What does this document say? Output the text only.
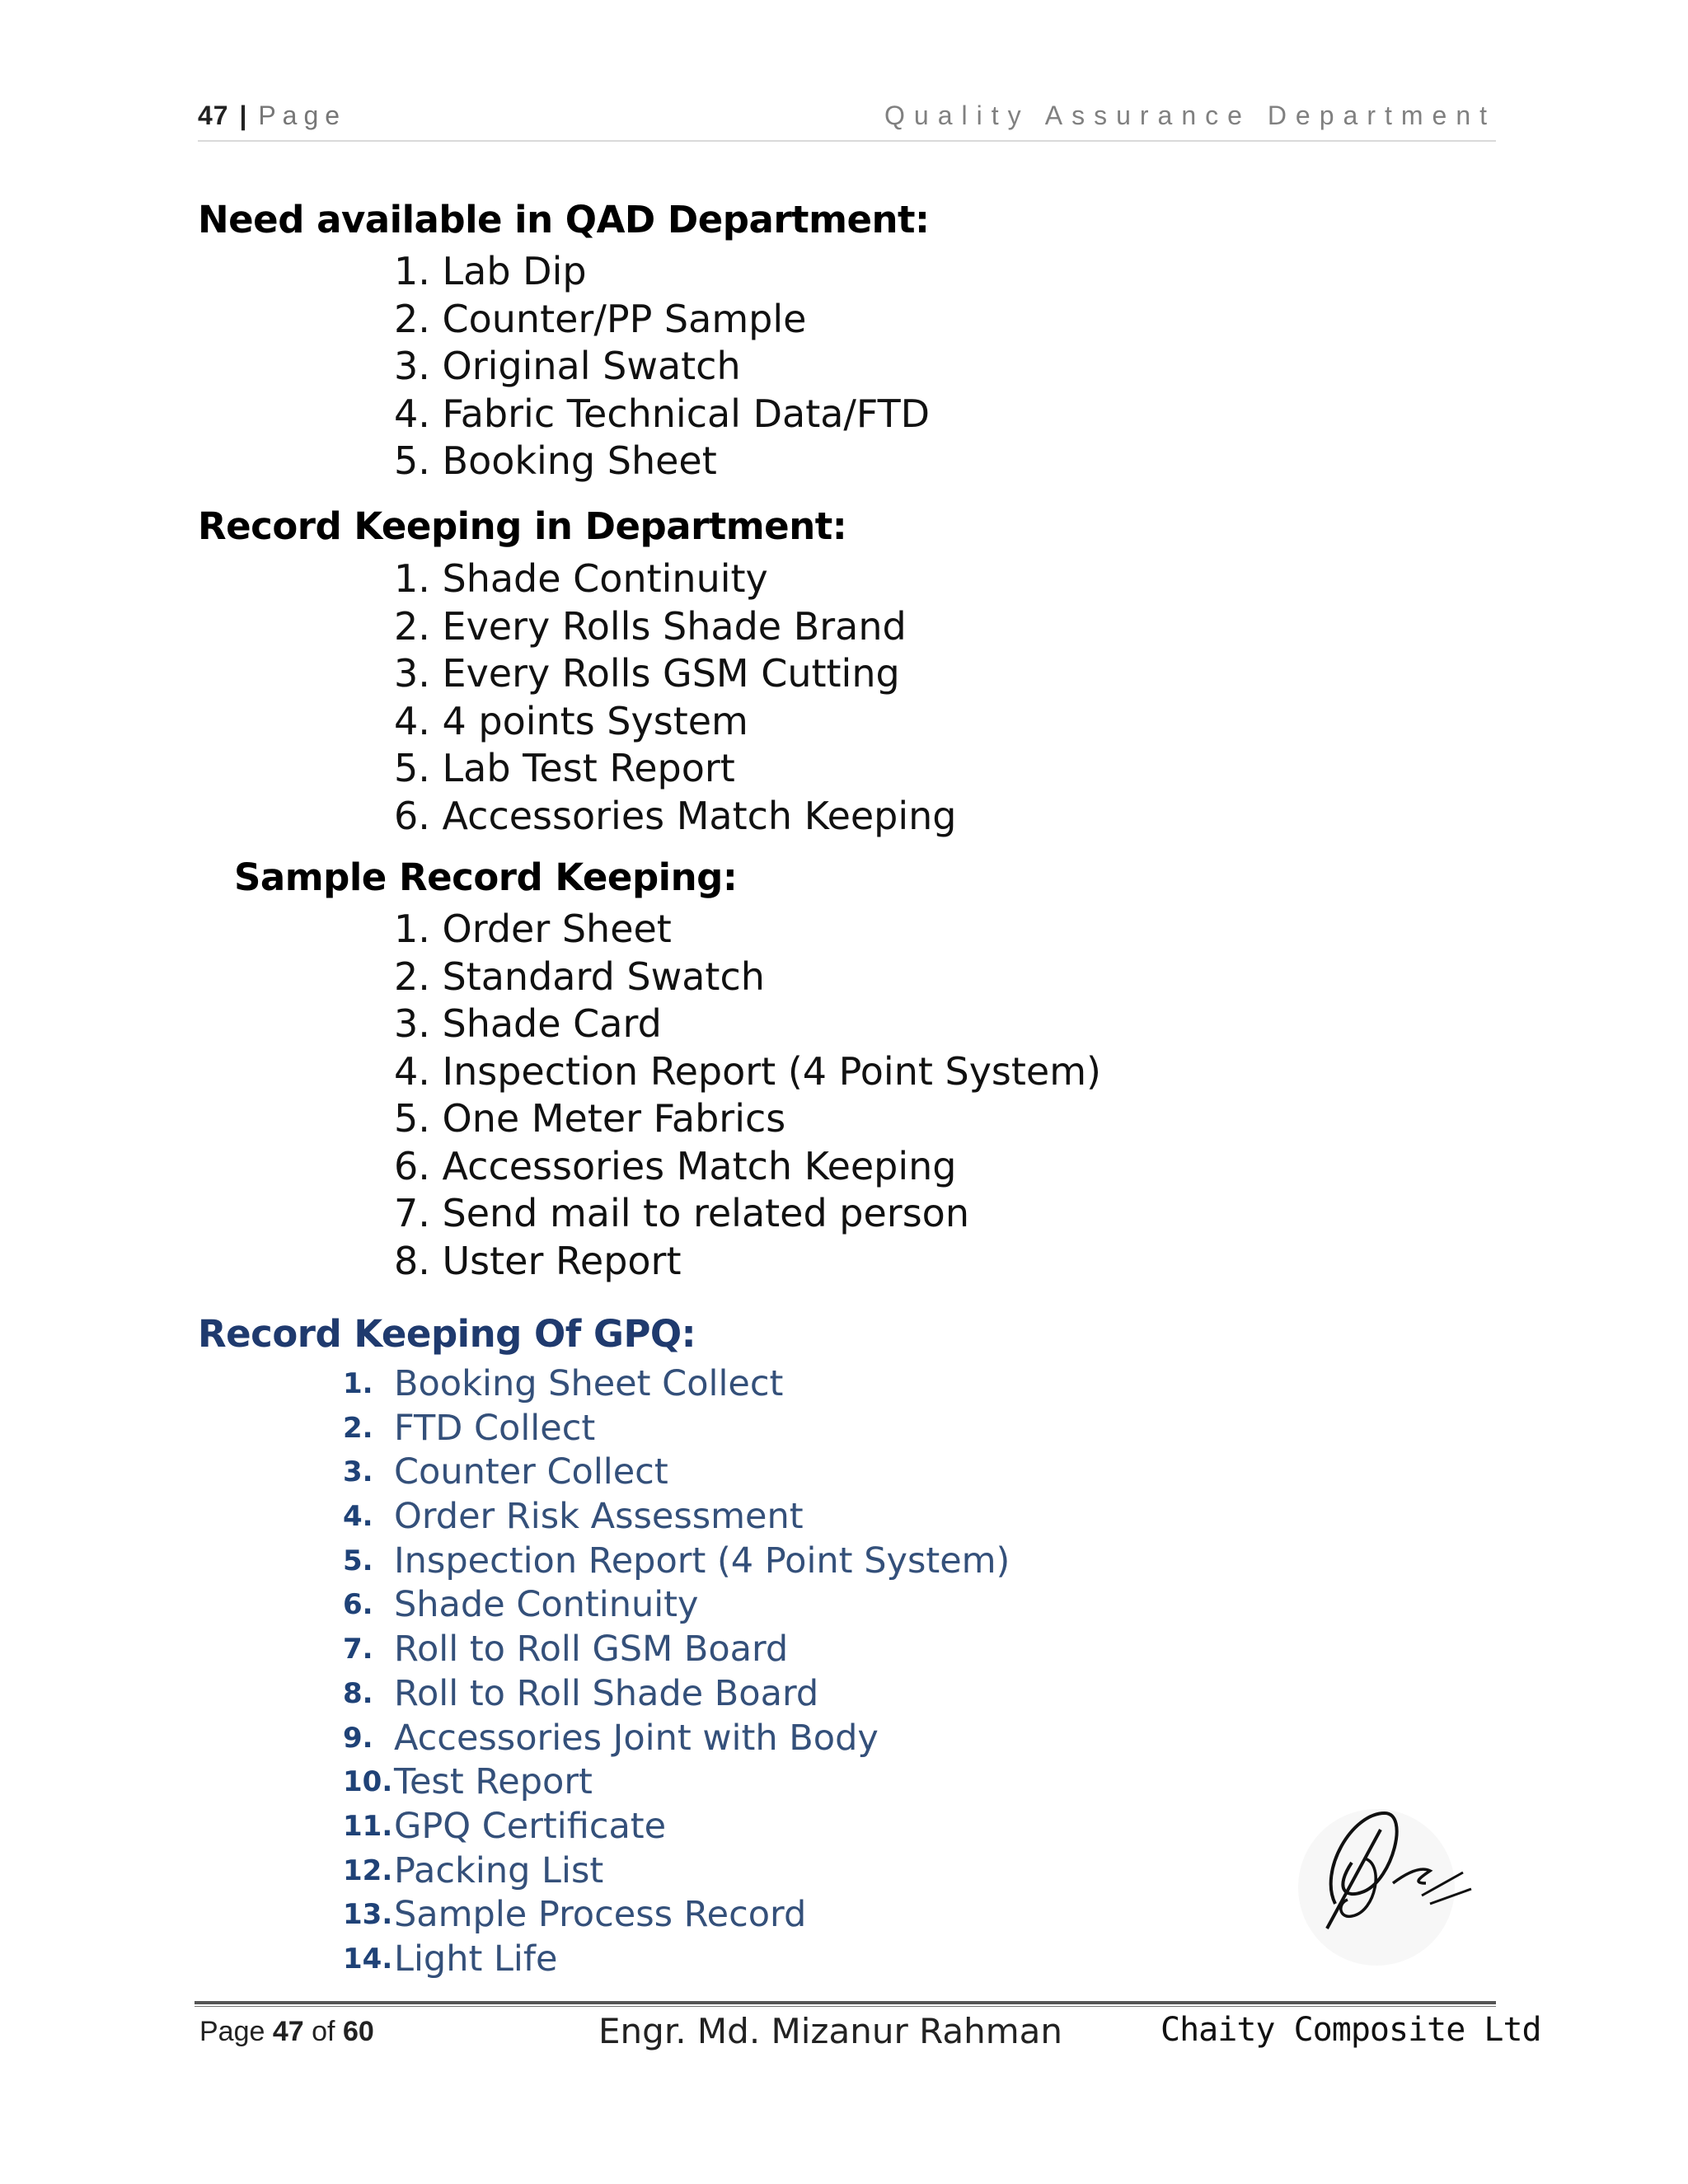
47 | Page	Quality Assurance Department
Need available in QAD Department:
1. Lab Dip
2. Counter/PP Sample
3. Original Swatch
4. Fabric Technical Data/FTD
5. Booking Sheet
Record Keeping in Department:
1. Shade Continuity
2. Every Rolls Shade Brand
3. Every Rolls GSM Cutting
4. 4 points System
5. Lab Test Report
6. Accessories Match Keeping
Sample Record Keeping:
1. Order Sheet
2. Standard Swatch
3. Shade Card
4. Inspection Report (4 Point System)
5. One Meter Fabrics
6. Accessories Match Keeping
7. Send mail to related person
8. Uster Report
Record Keeping Of GPQ:
1. Booking Sheet Collect
2. FTD Collect
3. Counter Collect
4. Order Risk Assessment
5. Inspection Report (4 Point System)
6. Shade Continuity
7. Roll to Roll GSM Board
8. Roll to Roll Shade Board
9. Accessories Joint with Body
10. Test Report
11. GPQ Certificate
12. Packing List
13. Sample Process Record
14. Light Life
Page 47 of 60	Engr. Md. Mizanur Rahman	Chaity Composite Ltd
